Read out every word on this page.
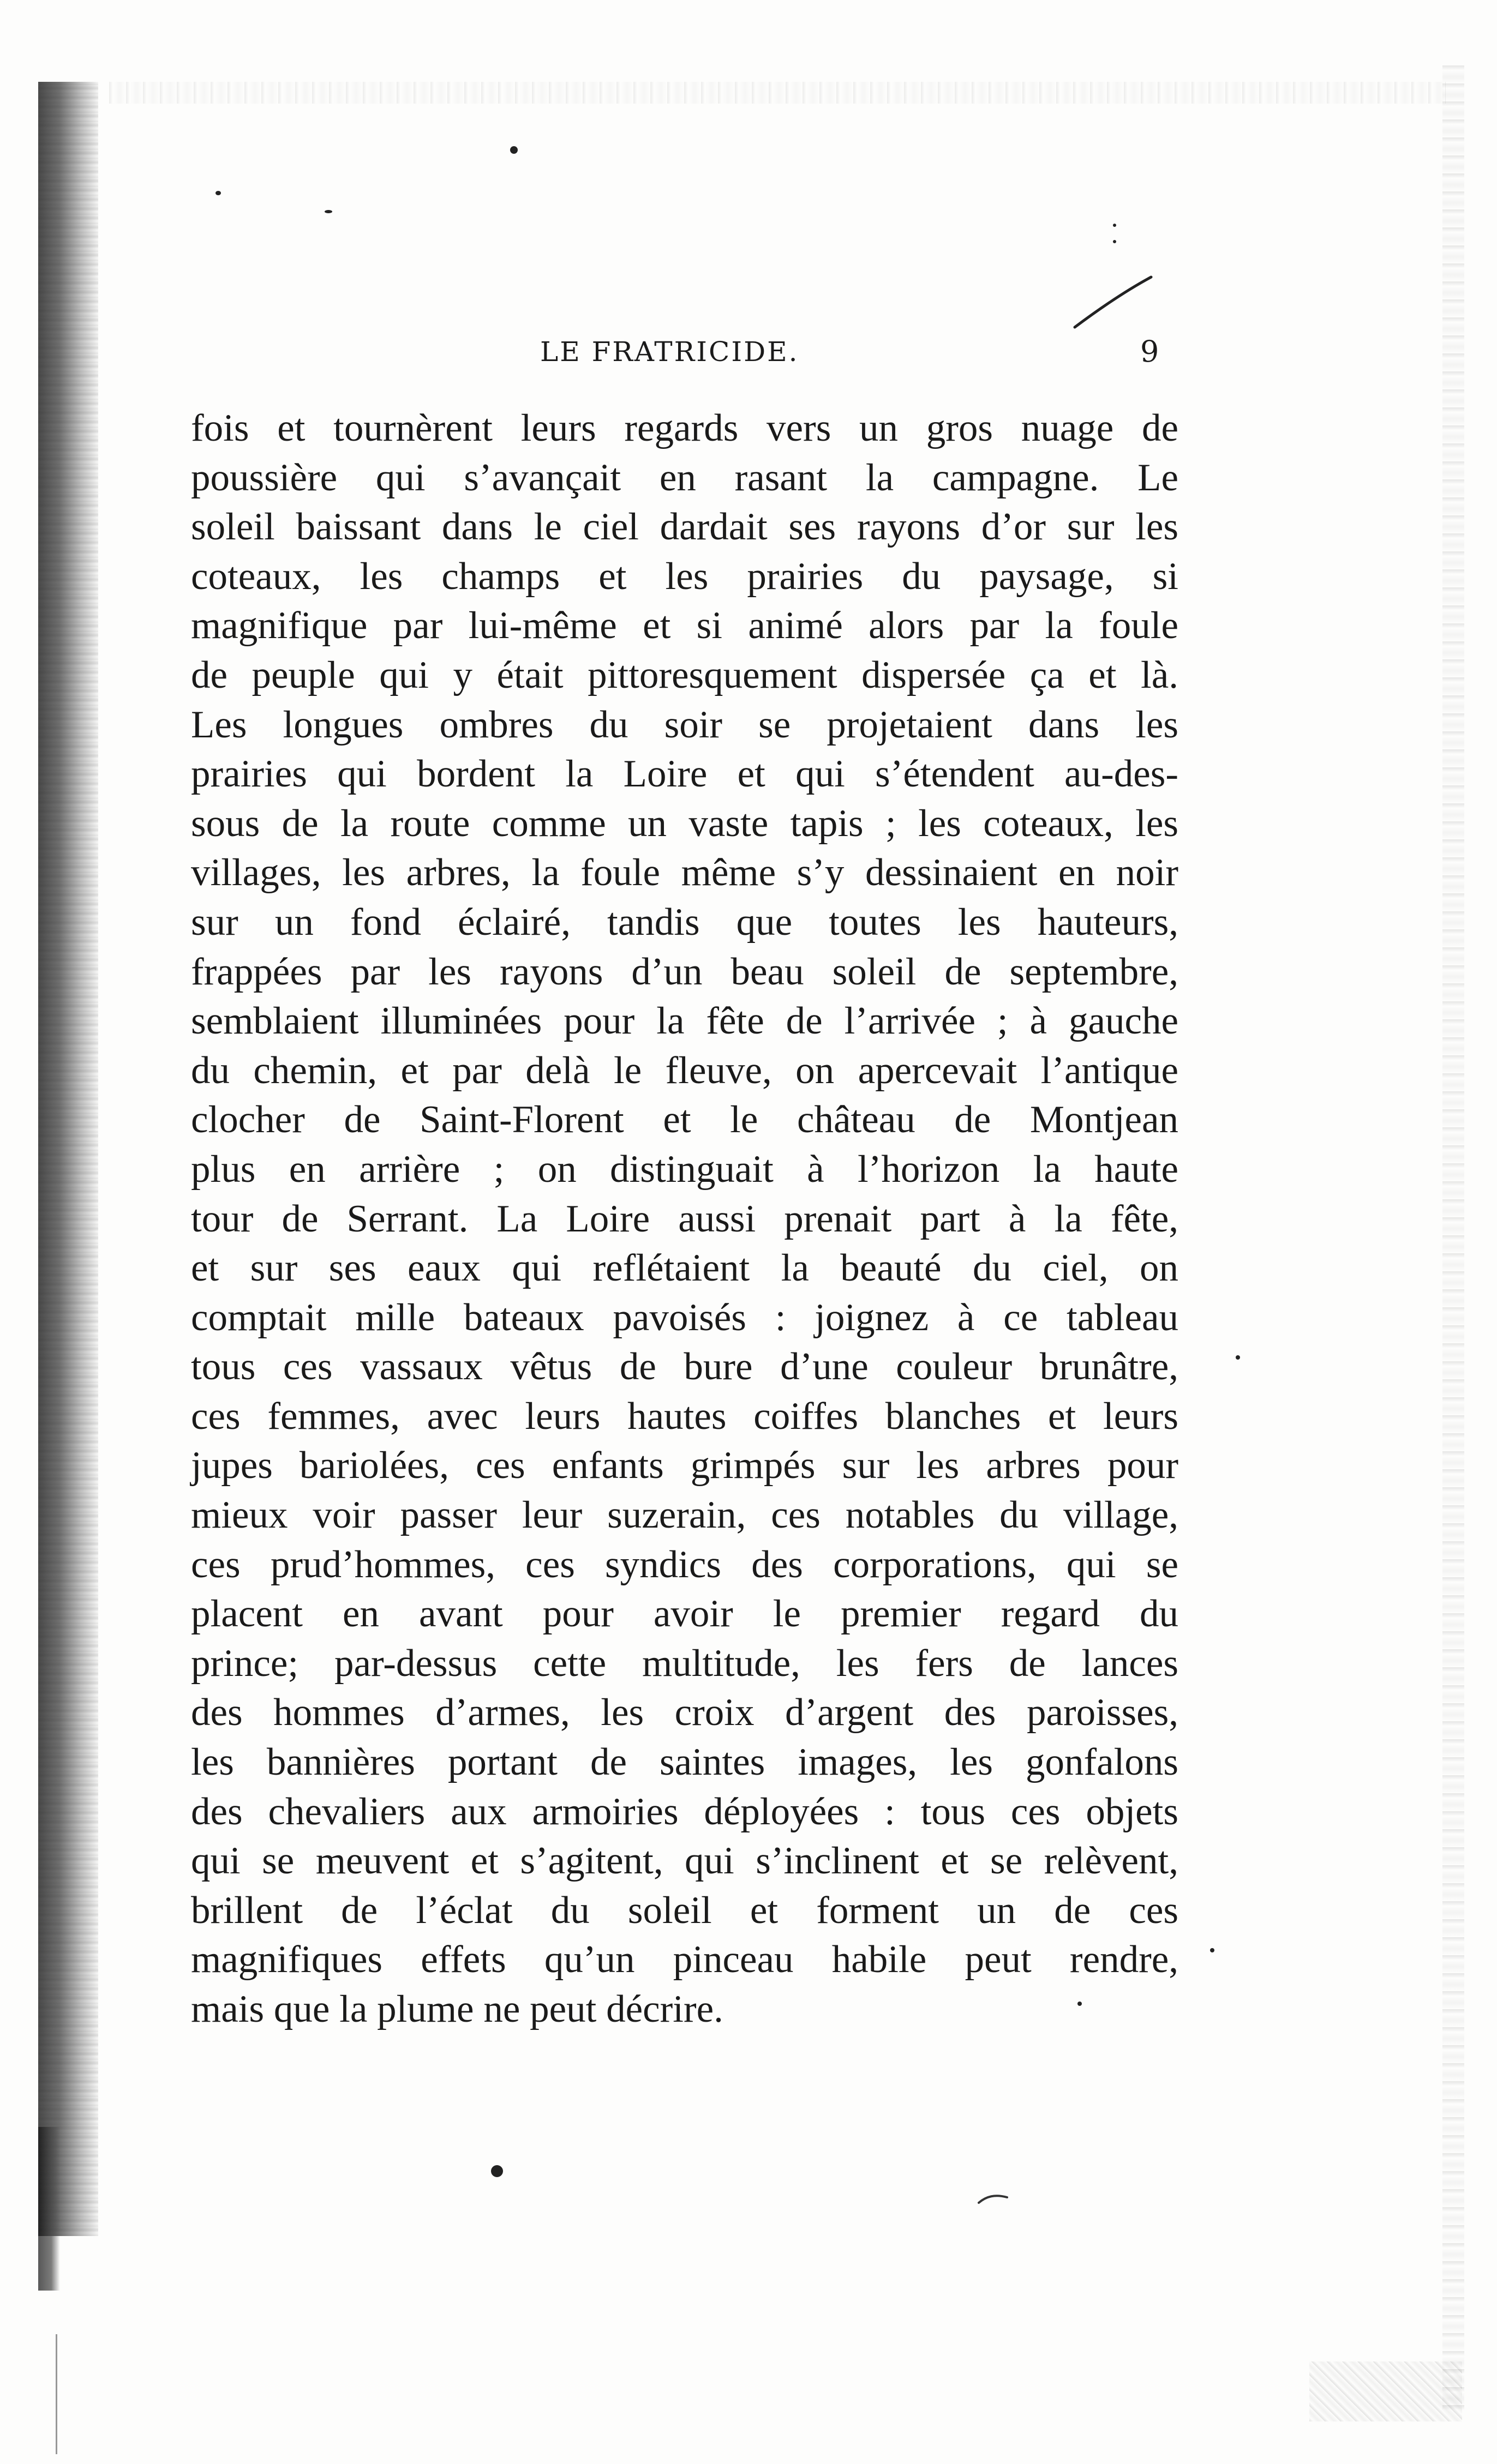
LE FRATRICIDE.	9
fois et tournèrent leurs regards vers un gros nuage de
poussière qui s’avançait en rasant la campagne. Le
soleil baissant dans le ciel dardait ses rayons d’or sur les
coteaux, les champs et les prairies du paysage, si
magnifique par lui-même et si animé alors par la foule
de peuple qui y était pittoresquement dispersée ça et là.
Les longues ombres du soir se projetaient dans les
prairies qui bordent la Loire et qui s’étendent au-des-
sous de la route comme un vaste tapis ; les coteaux, les
villages, les arbres, la foule même s’y dessinaient en noir
sur un fond éclairé, tandis que toutes les hauteurs,
frappées par les rayons d’un beau soleil de septembre,
semblaient illuminées pour la fête de l’arrivée ; à gauche
du chemin, et par delà le fleuve, on apercevait l’antique
clocher de Saint-Florent et le château de Montjean
plus en arrière ; on distinguait à l’horizon la haute
tour de Serrant. La Loire aussi prenait part à la fête,
et sur ses eaux qui reflétaient la beauté du ciel, on
comptait mille bateaux pavoisés : joignez à ce tableau
tous ces vassaux vêtus de bure d’une couleur brunâtre,
ces femmes, avec leurs hautes coiffes blanches et leurs
jupes bariolées, ces enfants grimpés sur les arbres pour
mieux voir passer leur suzerain, ces notables du village,
ces prud’hommes, ces syndics des corporations, qui se
placent en avant pour avoir le premier regard du
prince; par-dessus cette multitude, les fers de lances
des hommes d’armes, les croix d’argent des paroisses,
les bannières portant de saintes images, les gonfalons
des chevaliers aux armoiries déployées : tous ces objets
qui se meuvent et s’agitent, qui s’inclinent et se relèvent,
brillent de l’éclat du soleil et forment un de ces
magnifiques effets qu’un pinceau habile peut rendre,
mais que la plume ne peut décrire.
